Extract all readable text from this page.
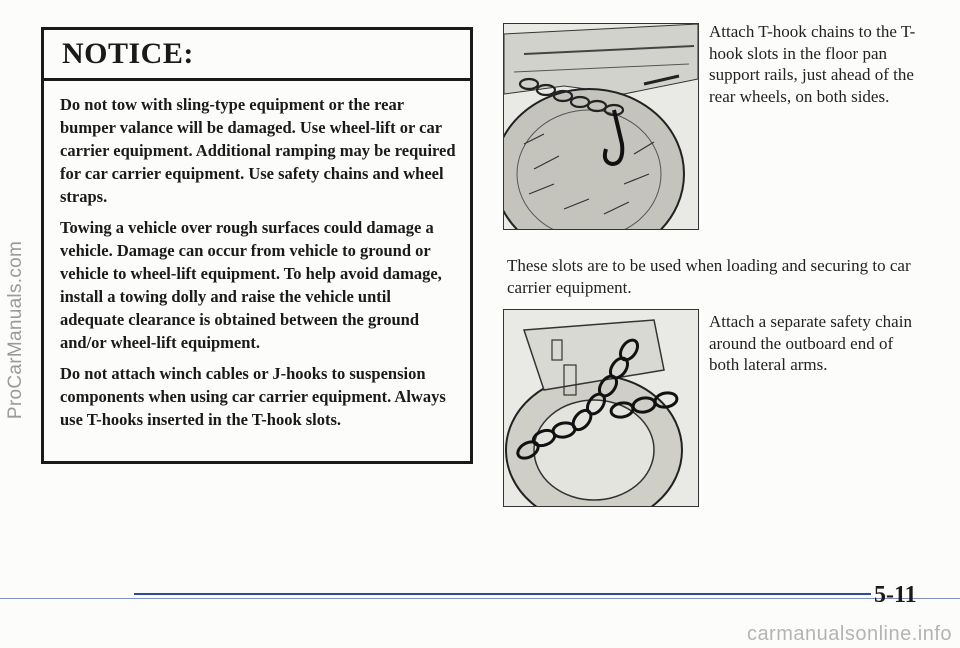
ProCarManuals.com
NOTICE:

Do not tow with sling-type equipment or the rear bumper valance will be damaged. Use wheel-lift or car carrier equipment. Additional ramping may be required for car carrier equipment. Use safety chains and wheel straps.

Towing a vehicle over rough surfaces could damage a vehicle. Damage can occur from vehicle to ground or vehicle to wheel-lift equipment. To help avoid damage, install a towing dolly and raise the vehicle until adequate clearance is obtained between the ground and/or wheel-lift equipment.

Do not attach winch cables or J-hooks to suspension components when using car carrier equipment. Always use T-hooks inserted in the T-hook slots.

Attach T-hook chains to the T-hook slots in the floor pan support rails, just ahead of the rear wheels, on both sides.
These slots are to be used when loading and securing to car carrier equipment.
Attach a separate safety chain around the outboard end of both lateral arms.
5-11
carmanualsonline.info
